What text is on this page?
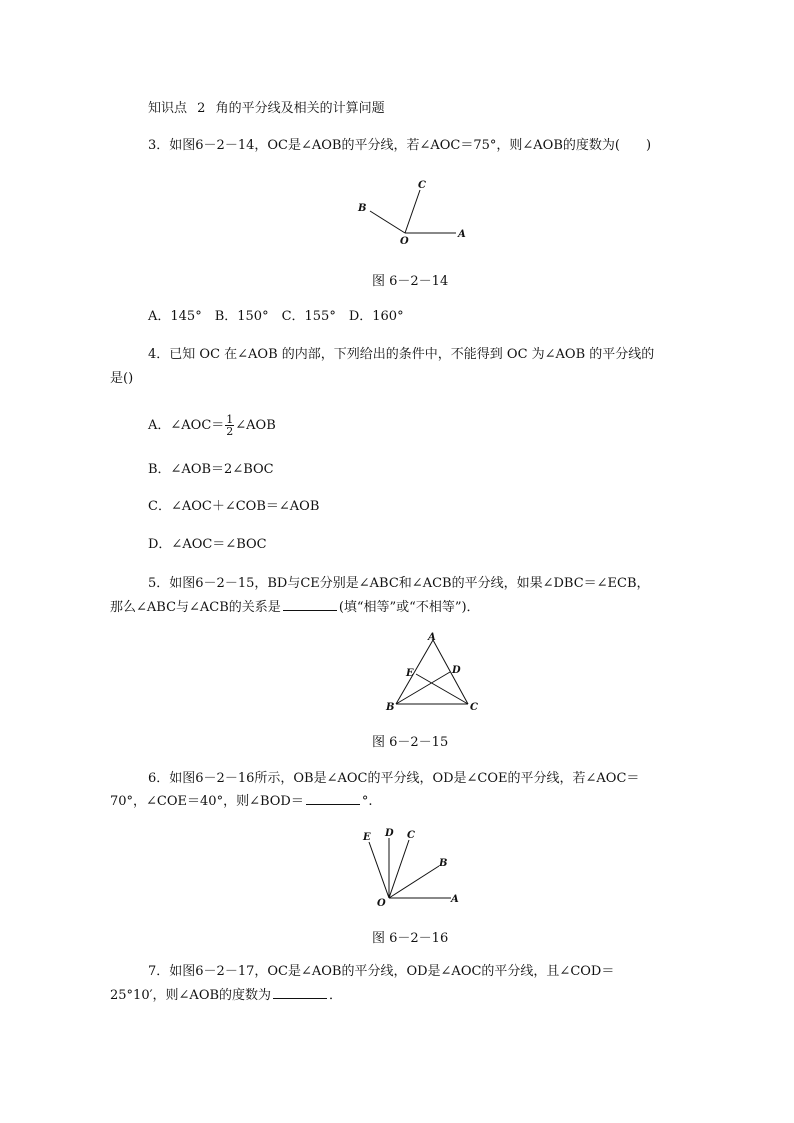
知识点 2 角的平分线及相关的计算问题
3．如图6－2－14，OC是∠AOB的平分线，若∠AOC＝75°，则∠AOB的度数为(　　)
B
C
O
A
图 6－2－14
A．145°　B．150°　C．155°　D．160°
4．已知 OC 在∠AOB 的内部，下列给出的条件中，不能得到 OC 为∠AOB 的平分线的
是()
A．∠AOC＝ $\frac{1}{2}$ ∠AOB
B．∠AOB＝2∠BOC
C．∠AOC＋∠COB＝∠AOB
D．∠AOC＝∠BOC
5．如图6－2－15，BD与CE分别是∠ABC和∠ACB的平分线，如果∠DBC＝∠ECB，
那么∠ABC与∠ACB的关系是	(填“相等”或“不相等”)．
A
E	D
B	C
图 6－2－15
6．如图6－2－16所示，OB是∠AOC的平分线，OD是∠COE的平分线，若∠AOC＝
70°，∠COE＝40°，则∠BOD＝	°.
E D C
B
O	A
图 6－2－16
7．如图6－2－17，OC是∠AOB的平分线，OD是∠AOC的平分线，且∠COD＝
25°10′，则∠AOB的度数为	．
